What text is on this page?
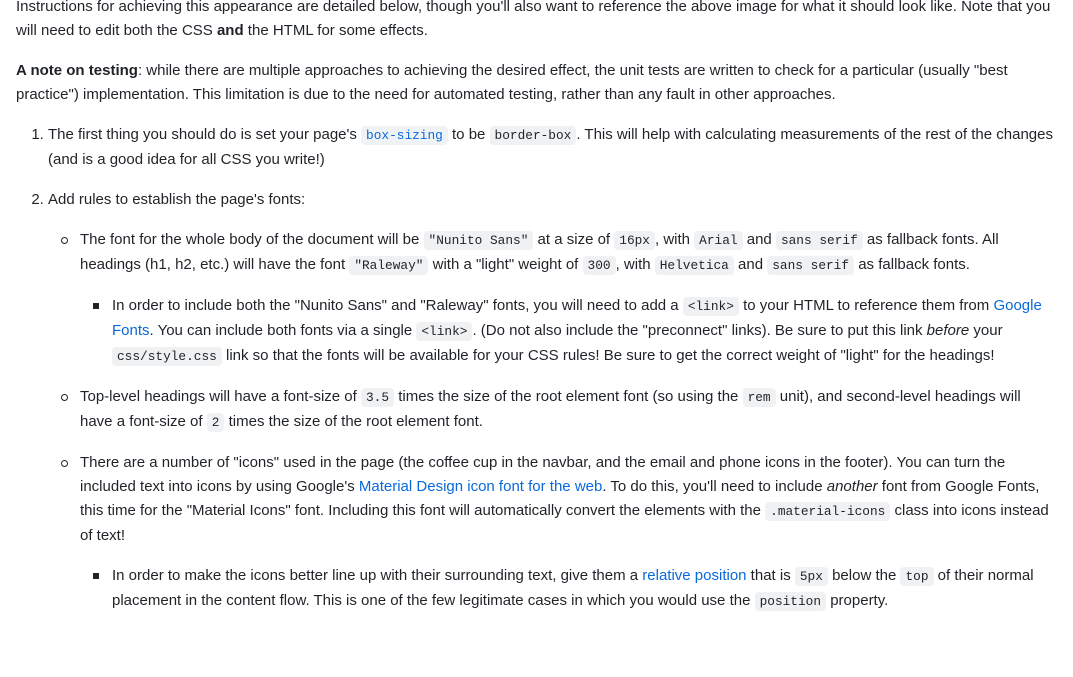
Instructions for achieving this appearance are detailed below, though you'll also want to reference the above image for what it should look like. Note that you will need to edit both the CSS and the HTML for some effects.

A note on testing: while there are multiple approaches to achieving the desired effect, the unit tests are written to check for a particular (usually "best practice") implementation. This limitation is due to the need for automated testing, rather than any fault in other approaches.

1. The first thing you should do is set your page's box-sizing to be border-box . This will help with calculating measurements of the rest of the changes (and is a good idea for all CSS you write!)
2. Add rules to establish the page's fonts:
The font for the whole body of the document will be "Nunito Sans" at a size of 16px , with Arial and sans serif as fallback fonts. All headings (h1, h2, etc.) will have the font "Raleway" with a "light" weight of 300 , with Helvetica and sans serif as fallback fonts.
In order to include both the "Nunito Sans" and "Raleway" fonts, you will need to add a <link> to your HTML to reference them from Google Fonts. You can include both fonts via a single <link> . (Do not also include the "preconnect" links). Be sure to put this link before your css/style.css link so that the fonts will be available for your CSS rules! Be sure to get the correct weight of "light" for the headings!
Top-level headings will have a font-size of 3.5 times the size of the root element font (so using the rem unit), and second-level headings will have a font-size of 2 times the size of the root element font.
There are a number of "icons" used in the page (the coffee cup in the navbar, and the email and phone icons in the footer). You can turn the included text into icons by using Google's Material Design icon font for the web. To do this, you'll need to include another font from Google Fonts, this time for the "Material Icons" font. Including this font will automatically convert the elements with the .material-icons class into icons instead of text!
In order to make the icons better line up with their surrounding text, give them a relative position that is 5px below the top of their normal placement in the content flow. This is one of the few legitimate cases in which you would use the position property.
